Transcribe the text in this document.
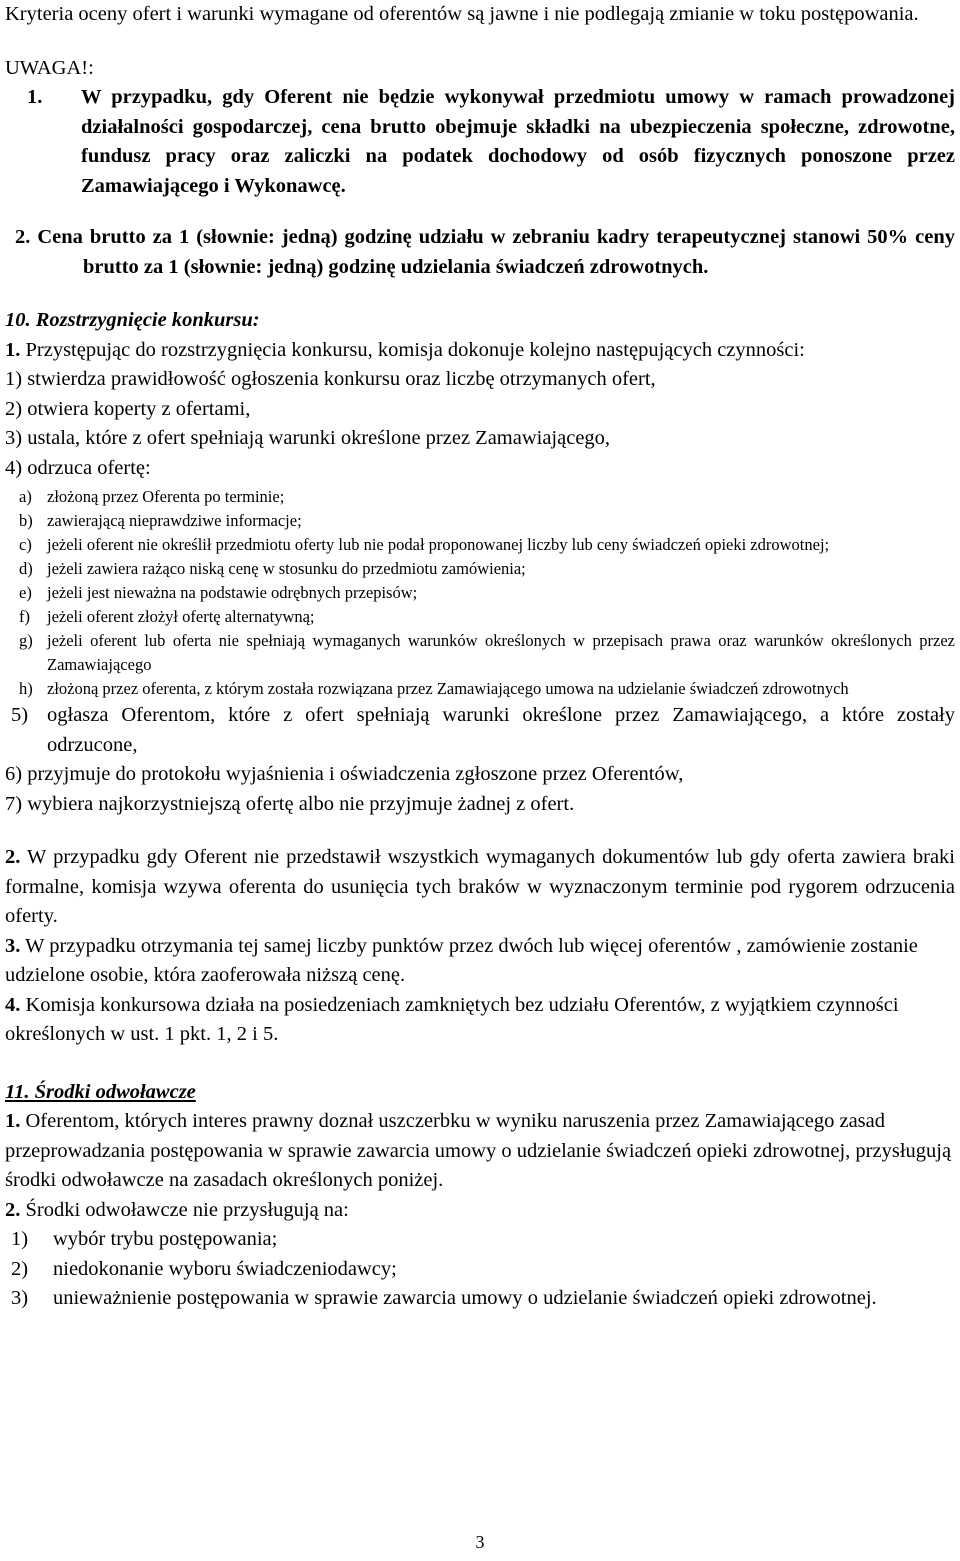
Kryteria oceny ofert i warunki wymagane od oferentów są jawne i nie podlegają zmianie w toku postępowania.

UWAGA!:

1.	W przypadku, gdy Oferent nie będzie wykonywał przedmiotu umowy w ramach prowadzonej działalności gospodarczej, cena brutto obejmuje składki na ubezpieczenia społeczne, zdrowotne, fundusz pracy oraz zaliczki na podatek dochodowy od osób fizycznych ponoszone przez Zamawiającego i Wykonawcę.
2. Cena brutto za 1 (słownie: jedną) godzinę udziału w zebraniu kadry terapeutycznej stanowi 50% ceny brutto za 1 (słownie: jedną) godzinę udzielania świadczeń zdrowotnych.

10. Rozstrzygnięcie konkursu:

1. Przystępując do rozstrzygnięcia konkursu, komisja dokonuje kolejno następujących czynności:

1) stwierdza prawidłowość ogłoszenia konkursu oraz liczbę otrzymanych ofert,

2) otwiera koperty z ofertami,

3) ustala, które z ofert spełniają warunki określone przez Zamawiającego,

4) odrzuca ofertę:

a) złożoną przez Oferenta po terminie;
b) zawierającą nieprawdziwe informacje;
c) jeżeli oferent nie określił przedmiotu oferty lub nie podał proponowanej liczby lub ceny świadczeń opieki zdrowotnej;
d) jeżeli zawiera rażąco niską cenę w stosunku do przedmiotu zamówienia;
e) jeżeli jest nieważna na podstawie odrębnych przepisów;
f)	jeżeli oferent złożył ofertę alternatywną;
g) jeżeli oferent lub oferta nie spełniają wymaganych warunków określonych w przepisach prawa oraz warunków określonych przez Zamawiającego
h) złożoną przez oferenta, z którym została rozwiązana przez Zamawiającego umowa na udzielanie świadczeń zdrowotnych
5) ogłasza Oferentom, które z ofert spełniają warunki określone przez Zamawiającego, a które zostały odrzucone,

6) przyjmuje do protokołu wyjaśnienia i oświadczenia zgłoszone przez Oferentów,

7) wybiera najkorzystniejszą ofertę albo nie przyjmuje żadnej z ofert.

2. W przypadku gdy Oferent nie przedstawił wszystkich wymaganych dokumentów lub gdy oferta zawiera braki formalne, komisja wzywa oferenta do usunięcia tych braków w wyznaczonym terminie pod rygorem odrzucenia oferty.

3. W przypadku otrzymania tej samej liczby punktów przez dwóch lub więcej oferentów , zamówienie zostanie udzielone osobie, która zaoferowała niższą cenę.

4. Komisja konkursowa działa na posiedzeniach zamkniętych bez udziału Oferentów, z wyjątkiem czynności określonych w ust. 1 pkt. 1, 2 i 5.

11. Środki odwoławcze

1. Oferentom, których interes prawny doznał uszczerbku w wyniku naruszenia przez Zamawiającego zasad przeprowadzania postępowania w sprawie zawarcia umowy o udzielanie świadczeń opieki zdrowotnej, przysługują środki odwoławcze na zasadach określonych poniżej.

2. Środki odwoławcze nie przysługują na:

1)	wybór trybu postępowania;
2)	niedokonanie wyboru świadczeniodawcy;
3)	unieważnienie postępowania w sprawie zawarcia umowy o udzielanie świadczeń opieki zdrowotnej.
3
